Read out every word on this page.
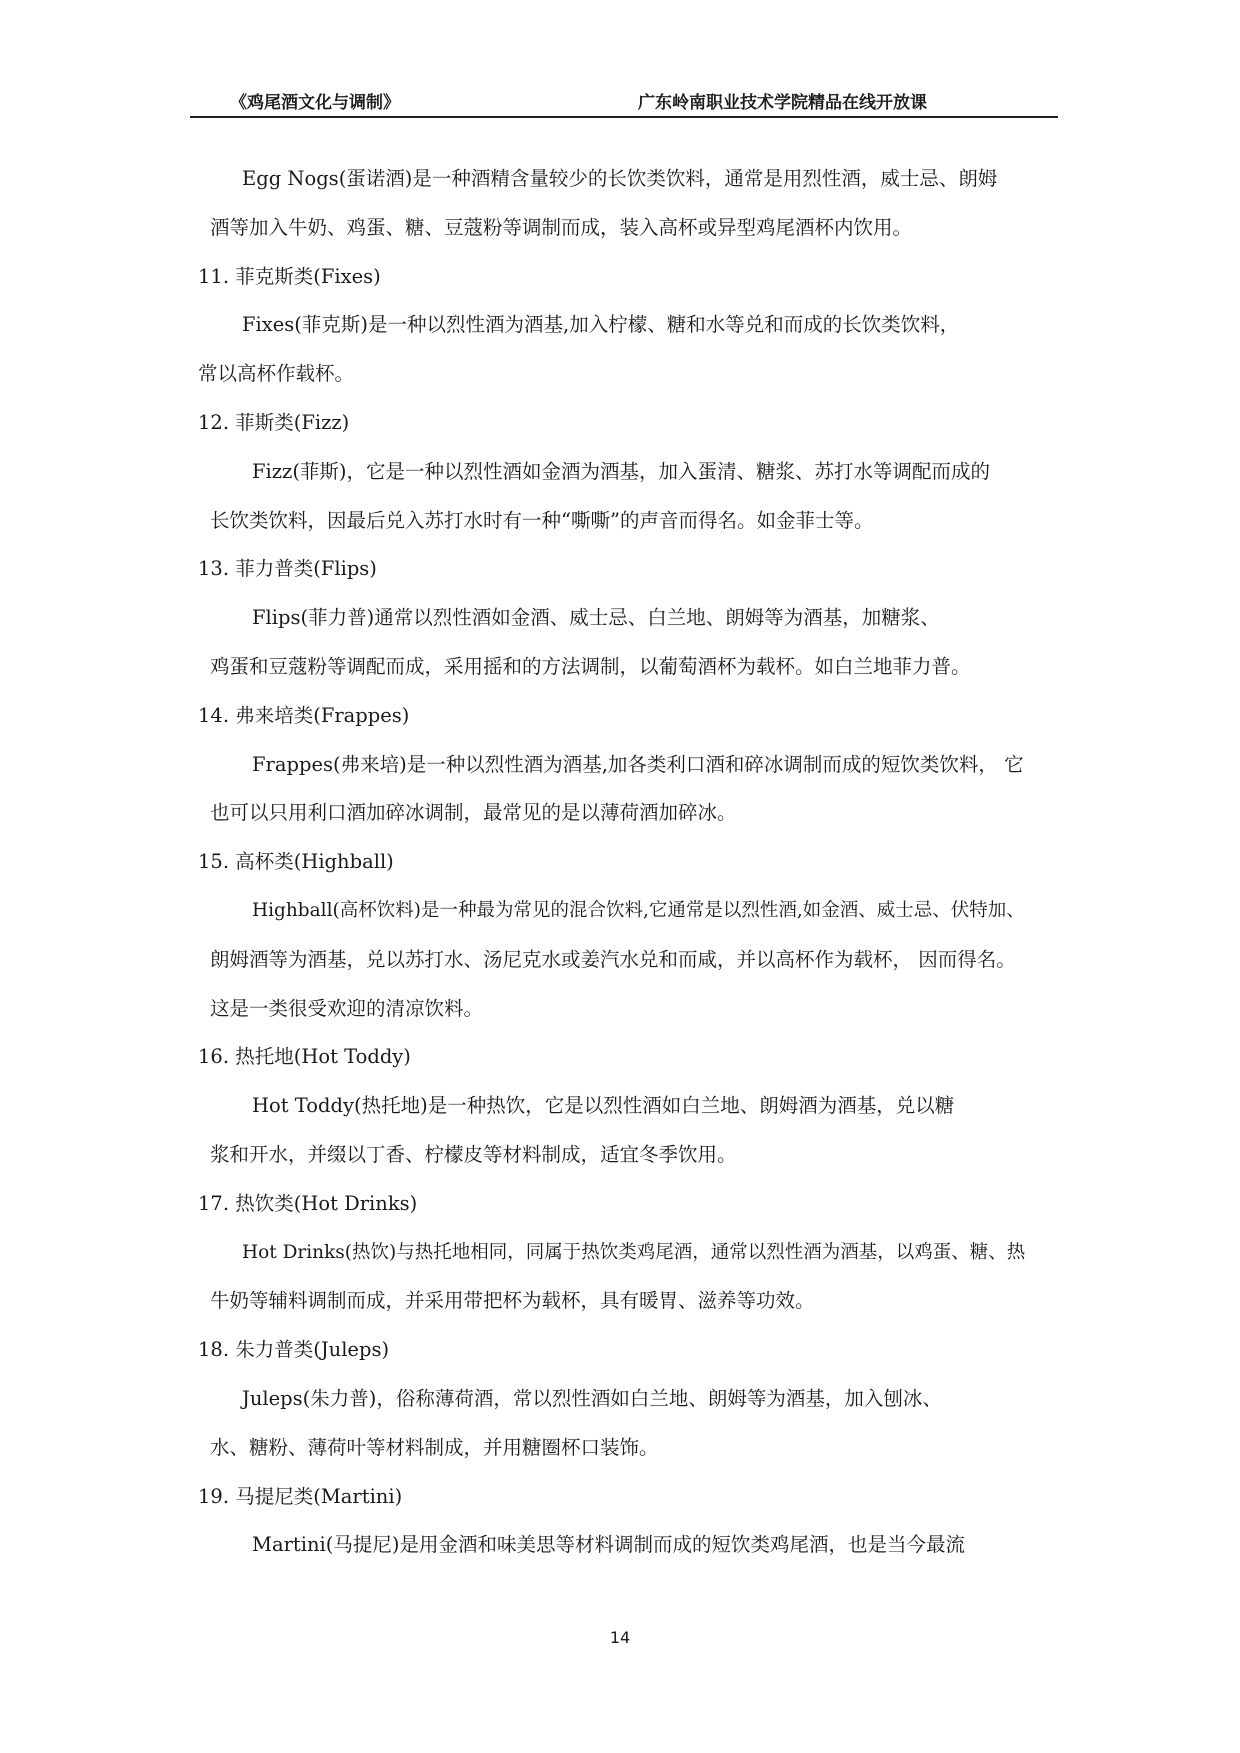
《鸡尾酒文化与调制》	广东岭南职业技术学院精品在线开放课
Egg Nogs(蛋诺酒)是一种酒精含量较少的长饮类饮料，通常是用烈性酒，威士忌、朗姆
酒等加入牛奶、鸡蛋、糖、豆蔻粉等调制而成，装入高杯或异型鸡尾酒杯内饮用。
11. 菲克斯类(Fixes)
Fixes(菲克斯)是一种以烈性酒为酒基,加入柠檬、糖和水等兑和而成的长饮类饮料，
常以高杯作载杯。
12. 菲斯类(Fizz)
Fizz(菲斯)，它是一种以烈性酒如金酒为酒基，加入蛋清、糖浆、苏打水等调配而成的
长饮类饮料，因最后兑入苏打水时有一种“嘶嘶”的声音而得名。如金菲士等。
13. 菲力普类(Flips)
Flips(菲力普)通常以烈性酒如金酒、威士忌、白兰地、朗姆等为酒基，加糖浆、
鸡蛋和豆蔻粉等调配而成，采用摇和的方法调制，以葡萄酒杯为载杯。如白兰地菲力普。
14. 弗来培类(Frappes)
Frappes(弗来培)是一种以烈性酒为酒基,加各类利口酒和碎冰调制而成的短饮类饮料， 它
也可以只用利口酒加碎冰调制，最常见的是以薄荷酒加碎冰。
15. 高杯类(Highball)
Highball(高杯饮料)是一种最为常见的混合饮料,它通常是以烈性酒,如金酒、威士忌、伏特加、
朗姆酒等为酒基，兑以苏打水、汤尼克水或姜汽水兑和而咸，并以高杯作为载杯， 因而得名。
这是一类很受欢迎的清凉饮料。
16. 热托地(Hot Toddy)
Hot Toddy(热托地)是一种热饮，它是以烈性酒如白兰地、朗姆酒为酒基，兑以糖
浆和开水，并缀以丁香、柠檬皮等材料制成，适宜冬季饮用。
17. 热饮类(Hot Drinks)
Hot Drinks(热饮)与热托地相同，同属于热饮类鸡尾酒，通常以烈性酒为酒基，以鸡蛋、糖、热
牛奶等辅料调制而成，并采用带把杯为载杯，具有暖胃、滋养等功效。
18. 朱力普类(Juleps)
Juleps(朱力普)，俗称薄荷酒，常以烈性酒如白兰地、朗姆等为酒基，加入刨冰、
水、糖粉、薄荷叶等材料制成，并用糖圈杯口装饰。
19. 马提尼类(Martini)
Martini(马提尼)是用金酒和味美思等材料调制而成的短饮类鸡尾酒，也是当今最流
14
